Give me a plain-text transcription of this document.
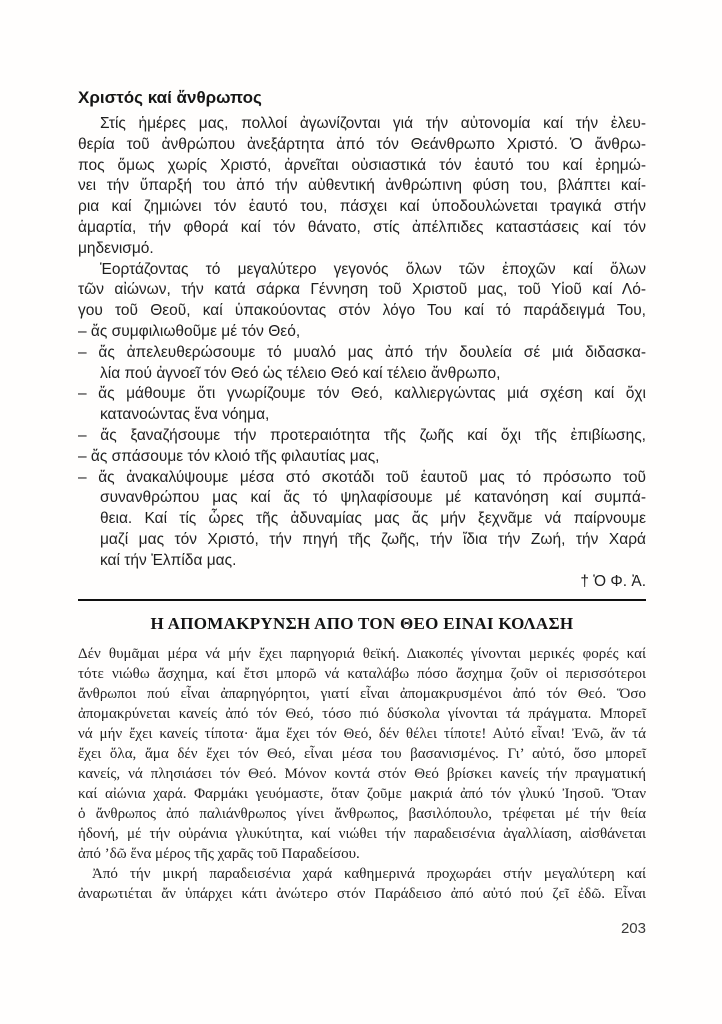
Χριστός καί ἄνθρωπος
Στίς ἡμέρες μας, πολλοί ἀγωνίζονται γιά τήν αὐτονομία καί τήν ἐλευ-
θερία τοῦ ἀνθρώπου ἀνεξάρτητα ἀπό τόν Θεάνθρωπο Χριστό. Ὁ ἄνθρω-
πος ὅμως χωρίς Χριστό, ἀρνεῖται οὐσιαστικά τόν ἑαυτό του καί ἐρημώ-
νει τήν ὕπαρξή του ἀπό τήν αὐθεντική ἀνθρώπινη φύση του, βλάπτει καί-
ρια καί ζημιώνει τόν ἑαυτό του, πάσχει καί ὑποδουλώνεται τραγικά στήν
ἁμαρτία, τήν φθορά καί τόν θάνατο, στίς ἀπέλπιδες καταστάσεις καί τόν
μηδενισμό.
Ἑορτάζοντας τό μεγαλύτερο γεγονός ὅλων τῶν ἐποχῶν καί ὅλων
τῶν αἰώνων, τήν κατά σάρκα Γέννηση τοῦ Χριστοῦ μας, τοῦ Υἱοῦ καί Λό-
γου τοῦ Θεοῦ, καί ὑπακούοντας στόν λόγο Του καί τό παράδειγμά Του,
– ἄς συμφιλιωθοῦμε μέ τόν Θεό,
– ἄς ἀπελευθερώσουμε τό μυαλό μας ἀπό τήν δουλεία σέ μιά διδασκα-
λία πού ἀγνοεῖ τόν Θεό ὡς τέλειο Θεό καί τέλειο ἄνθρωπο,
– ἄς μάθουμε ὅτι γνωρίζουμε τόν Θεό, καλλιεργώντας μιά σχέση καί ὄχι
κατανοώντας ἕνα νόημα,
– ἄς ξαναζήσουμε τήν προτεραιότητα τῆς ζωῆς καί ὄχι τῆς ἐπιβίωσης,
– ἄς σπάσουμε τόν κλοιό τῆς φιλαυτίας μας,
– ἄς ἀνακαλύψουμε μέσα στό σκοτάδι τοῦ ἑαυτοῦ μας τό πρόσωπο τοῦ
συνανθρώπου μας καί ἄς τό ψηλαφίσουμε μέ κατανόηση καί συμπά-
θεια. Καί τίς ὧρες τῆς ἀδυναμίας μας ἄς μήν ξεχνᾶμε νά παίρνουμε
μαζί μας τόν Χριστό, τήν πηγή τῆς ζωῆς, τήν ἴδια τήν Ζωή, τήν Χαρά
καί τήν Ἐλπίδα μας.
† Ὁ Φ. Ἀ.
Η ΑΠΟΜΑΚΡΥΝΣΗ ΑΠΟ ΤΟΝ ΘΕΟ ΕΙΝΑΙ ΚΟΛΑΣΗ
Δέν θυμᾶμαι μέρα νά μήν ἔχει παρηγοριά θεϊκή. Διακοπές γίνονται μερικές φορές καί
τότε νιώθω ἄσχημα, καί ἔτσι μπορῶ νά καταλάβω πόσο ἄσχημα ζοῦν οἱ περισσότεροι
ἄνθρωποι πού εἶναι ἀπαρηγόρητοι, γιατί εἶναι ἀπομακρυσμένοι ἀπό τόν Θεό. Ὅσο
ἀπομακρύνεται κανείς ἀπό τόν Θεό, τόσο πιό δύσκολα γίνονται τά πράγματα. Μπορεῖ
νά μήν ἔχει κανείς τίποτα· ἅμα ἔχει τόν Θεό, δέν θέλει τίποτε! Αὐτό εἶναι! Ἐνῶ, ἄν τά
ἔχει ὅλα, ἅμα δέν ἔχει τόν Θεό, εἶναι μέσα του βασανισμένος. Γι’ αὐτό, ὅσο μπορεῖ
κανείς, νά πλησιάσει τόν Θεό. Μόνον κοντά στόν Θεό βρίσκει κανείς τήν πραγματική
καί αἰώνια χαρά. Φαρμάκι γευόμαστε, ὅταν ζοῦμε μακριά ἀπό τόν γλυκύ Ἰησοῦ. Ὅταν
ὁ ἄνθρωπος ἀπό παλιάνθρωπος γίνει ἄνθρωπος, βασιλόπουλο, τρέφεται μέ τήν θεία
ἡδονή, μέ τήν οὐράνια γλυκύτητα, καί νιώθει τήν παραδεισένια ἀγαλλίαση, αἰσθάνεται
ἀπό ’δῶ ἕνα μέρος τῆς χαρᾶς τοῦ Παραδείσου.
Ἀπό τήν μικρή παραδεισένια χαρά καθημερινά προχωράει στήν μεγαλύτερη καί
ἀναρωτιέται ἄν ὑπάρχει κάτι ἀνώτερο στόν Παράδεισο ἀπό αὐτό πού ζεῖ ἐδῶ. Εἶναι
203
